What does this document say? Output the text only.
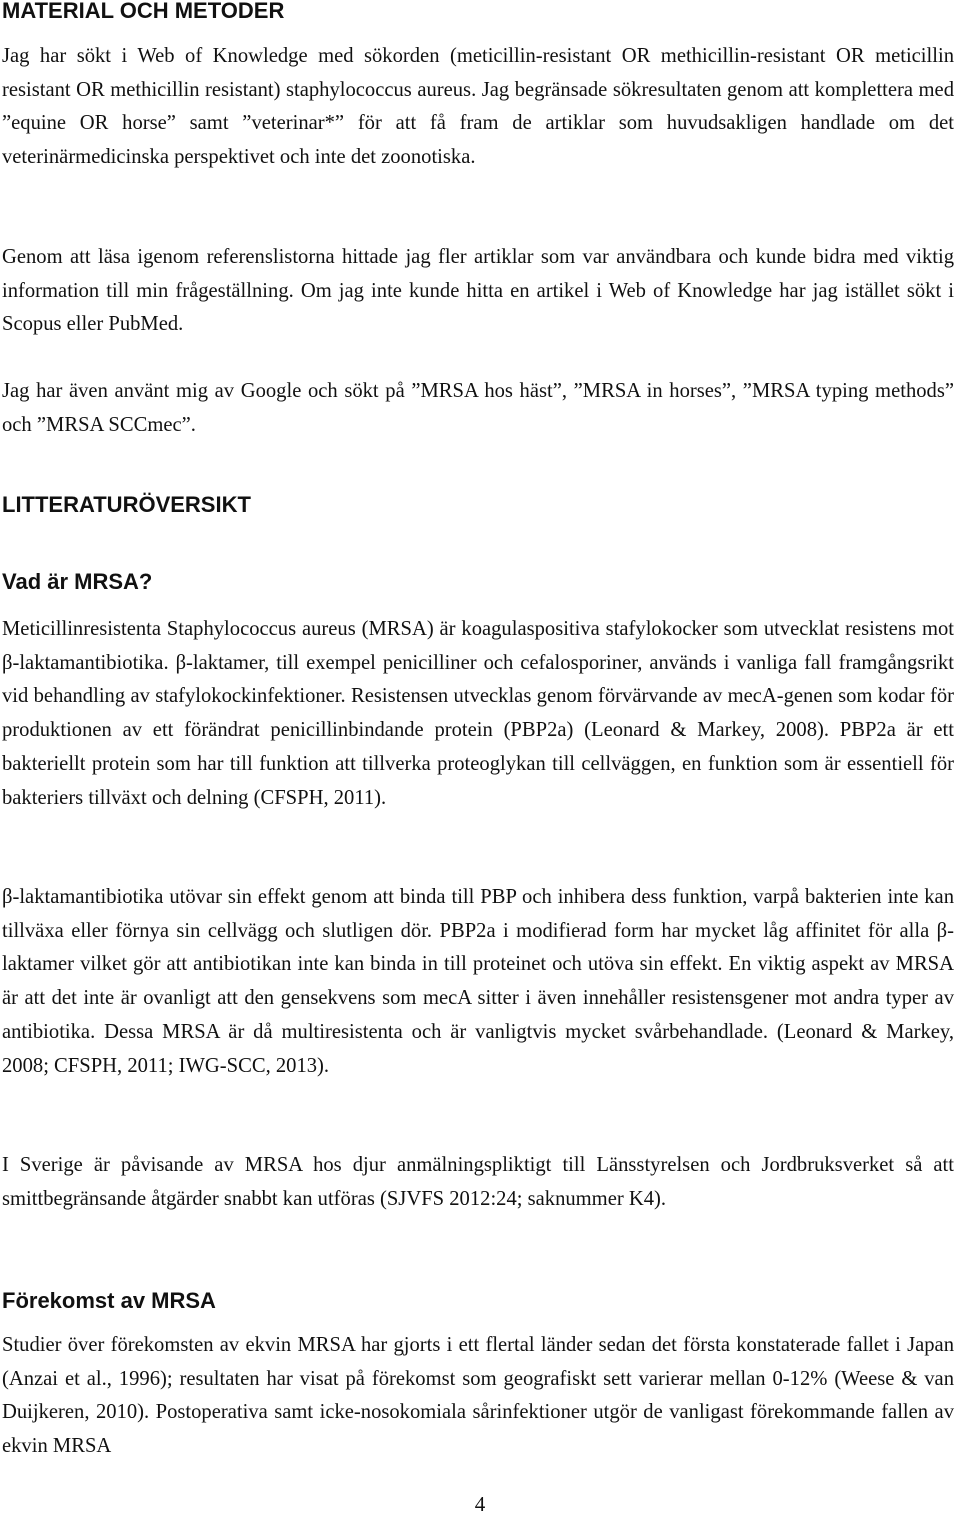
MATERIAL OCH METODER

Jag har sökt i Web of Knowledge med sökorden (meticillin-resistant OR methicillin-resistant OR meticillin resistant OR methicillin resistant) staphylococcus aureus. Jag begränsade sökresultaten genom att komplettera med ”equine OR horse” samt ”veterinar*” för att få fram de artiklar som huvudsakligen handlade om det veterinärmedicinska perspektivet och inte det zoonotiska.

Genom att läsa igenom referenslistorna hittade jag fler artiklar som var användbara och kunde bidra med viktig information till min frågeställning. Om jag inte kunde hitta en artikel i Web of Knowledge har jag istället sökt i Scopus eller PubMed.

Jag har även använt mig av Google och sökt på ”MRSA hos häst”, ”MRSA in horses”, ”MRSA typing methods” och ”MRSA SCCmec”.

LITTERATURÖVERSIKT
Vad är MRSA?

Meticillinresistenta Staphylococcus aureus (MRSA) är koagulaspositiva stafylokocker som utvecklat resistens mot β-laktamantibiotika. β-laktamer, till exempel penicilliner och cefalosporiner, används i vanliga fall framgångsrikt vid behandling av stafylokockinfektioner. Resistensen utvecklas genom förvärvande av mecA-genen som kodar för produktionen av ett förändrat penicillinbindande protein (PBP2a) (Leonard & Markey, 2008). PBP2a är ett bakteriellt protein som har till funktion att tillverka proteoglykan till cellväggen, en funktion som är essentiell för bakteriers tillväxt och delning (CFSPH, 2011).

β-laktamantibiotika utövar sin effekt genom att binda till PBP och inhibera dess funktion, varpå bakterien inte kan tillväxa eller förnya sin cellvägg och slutligen dör. PBP2a i modifierad form har mycket låg affinitet för alla β-laktamer vilket gör att antibiotikan inte kan binda in till proteinet och utöva sin effekt. En viktig aspekt av MRSA är att det inte är ovanligt att den gensekvens som mecA sitter i även innehåller resistensgener mot andra typer av antibiotika. Dessa MRSA är då multiresistenta och är vanligtvis mycket svårbehandlade. (Leonard & Markey, 2008; CFSPH, 2011; IWG-SCC, 2013).

I Sverige är påvisande av MRSA hos djur anmälningspliktigt till Länsstyrelsen och Jordbruksverket så att smittbegränsande åtgärder snabbt kan utföras (SJVFS 2012:24; saknummer K4).

Förekomst av MRSA

Studier över förekomsten av ekvin MRSA har gjorts i ett flertal länder sedan det första konstaterade fallet i Japan (Anzai et al., 1996); resultaten har visat på förekomst som geografiskt sett varierar mellan 0-12% (Weese & van Duijkeren, 2010). Postoperativa samt icke-nosokomiala sårinfektioner utgör de vanligast förekommande fallen av ekvin MRSA

4
